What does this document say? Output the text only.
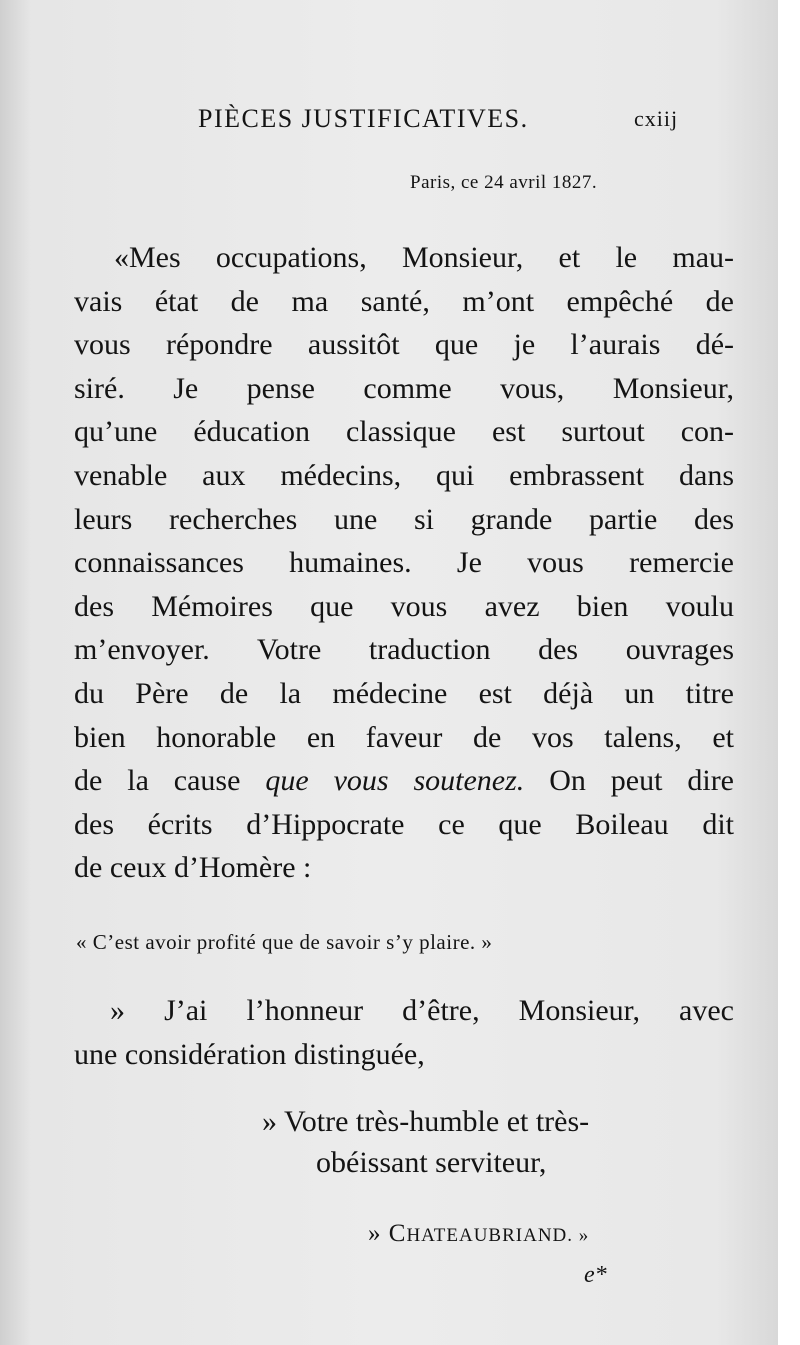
PIÈCES JUSTIFICATIVES.	cxiij
Paris, ce 24 avril 1827.
«Mes occupations, Monsieur, et le mau-
vais état de ma santé, m’ont empêché de
vous répondre aussitôt que je l’aurais dé-
siré. Je pense comme vous, Monsieur,
qu’une éducation classique est surtout con-
venable aux médecins, qui embrassent dans
leurs recherches une si grande partie des
connaissances humaines. Je vous remercie
des Mémoires que vous avez bien voulu
m’envoyer. Votre traduction des ouvrages
du Père de la médecine est déjà un titre
bien honorable en faveur de vos talens, et
de la cause que vous soutenez. On peut dire
des écrits d’Hippocrate ce que Boileau dit
de ceux d’Homère :
« C’est avoir profité que de savoir s’y plaire. »
» J’ai l’honneur d’être, Monsieur, avec
une considération distinguée,
» Votre très-humble et très-
obéissant serviteur,
» CHATEAUBRIAND. »
e*
